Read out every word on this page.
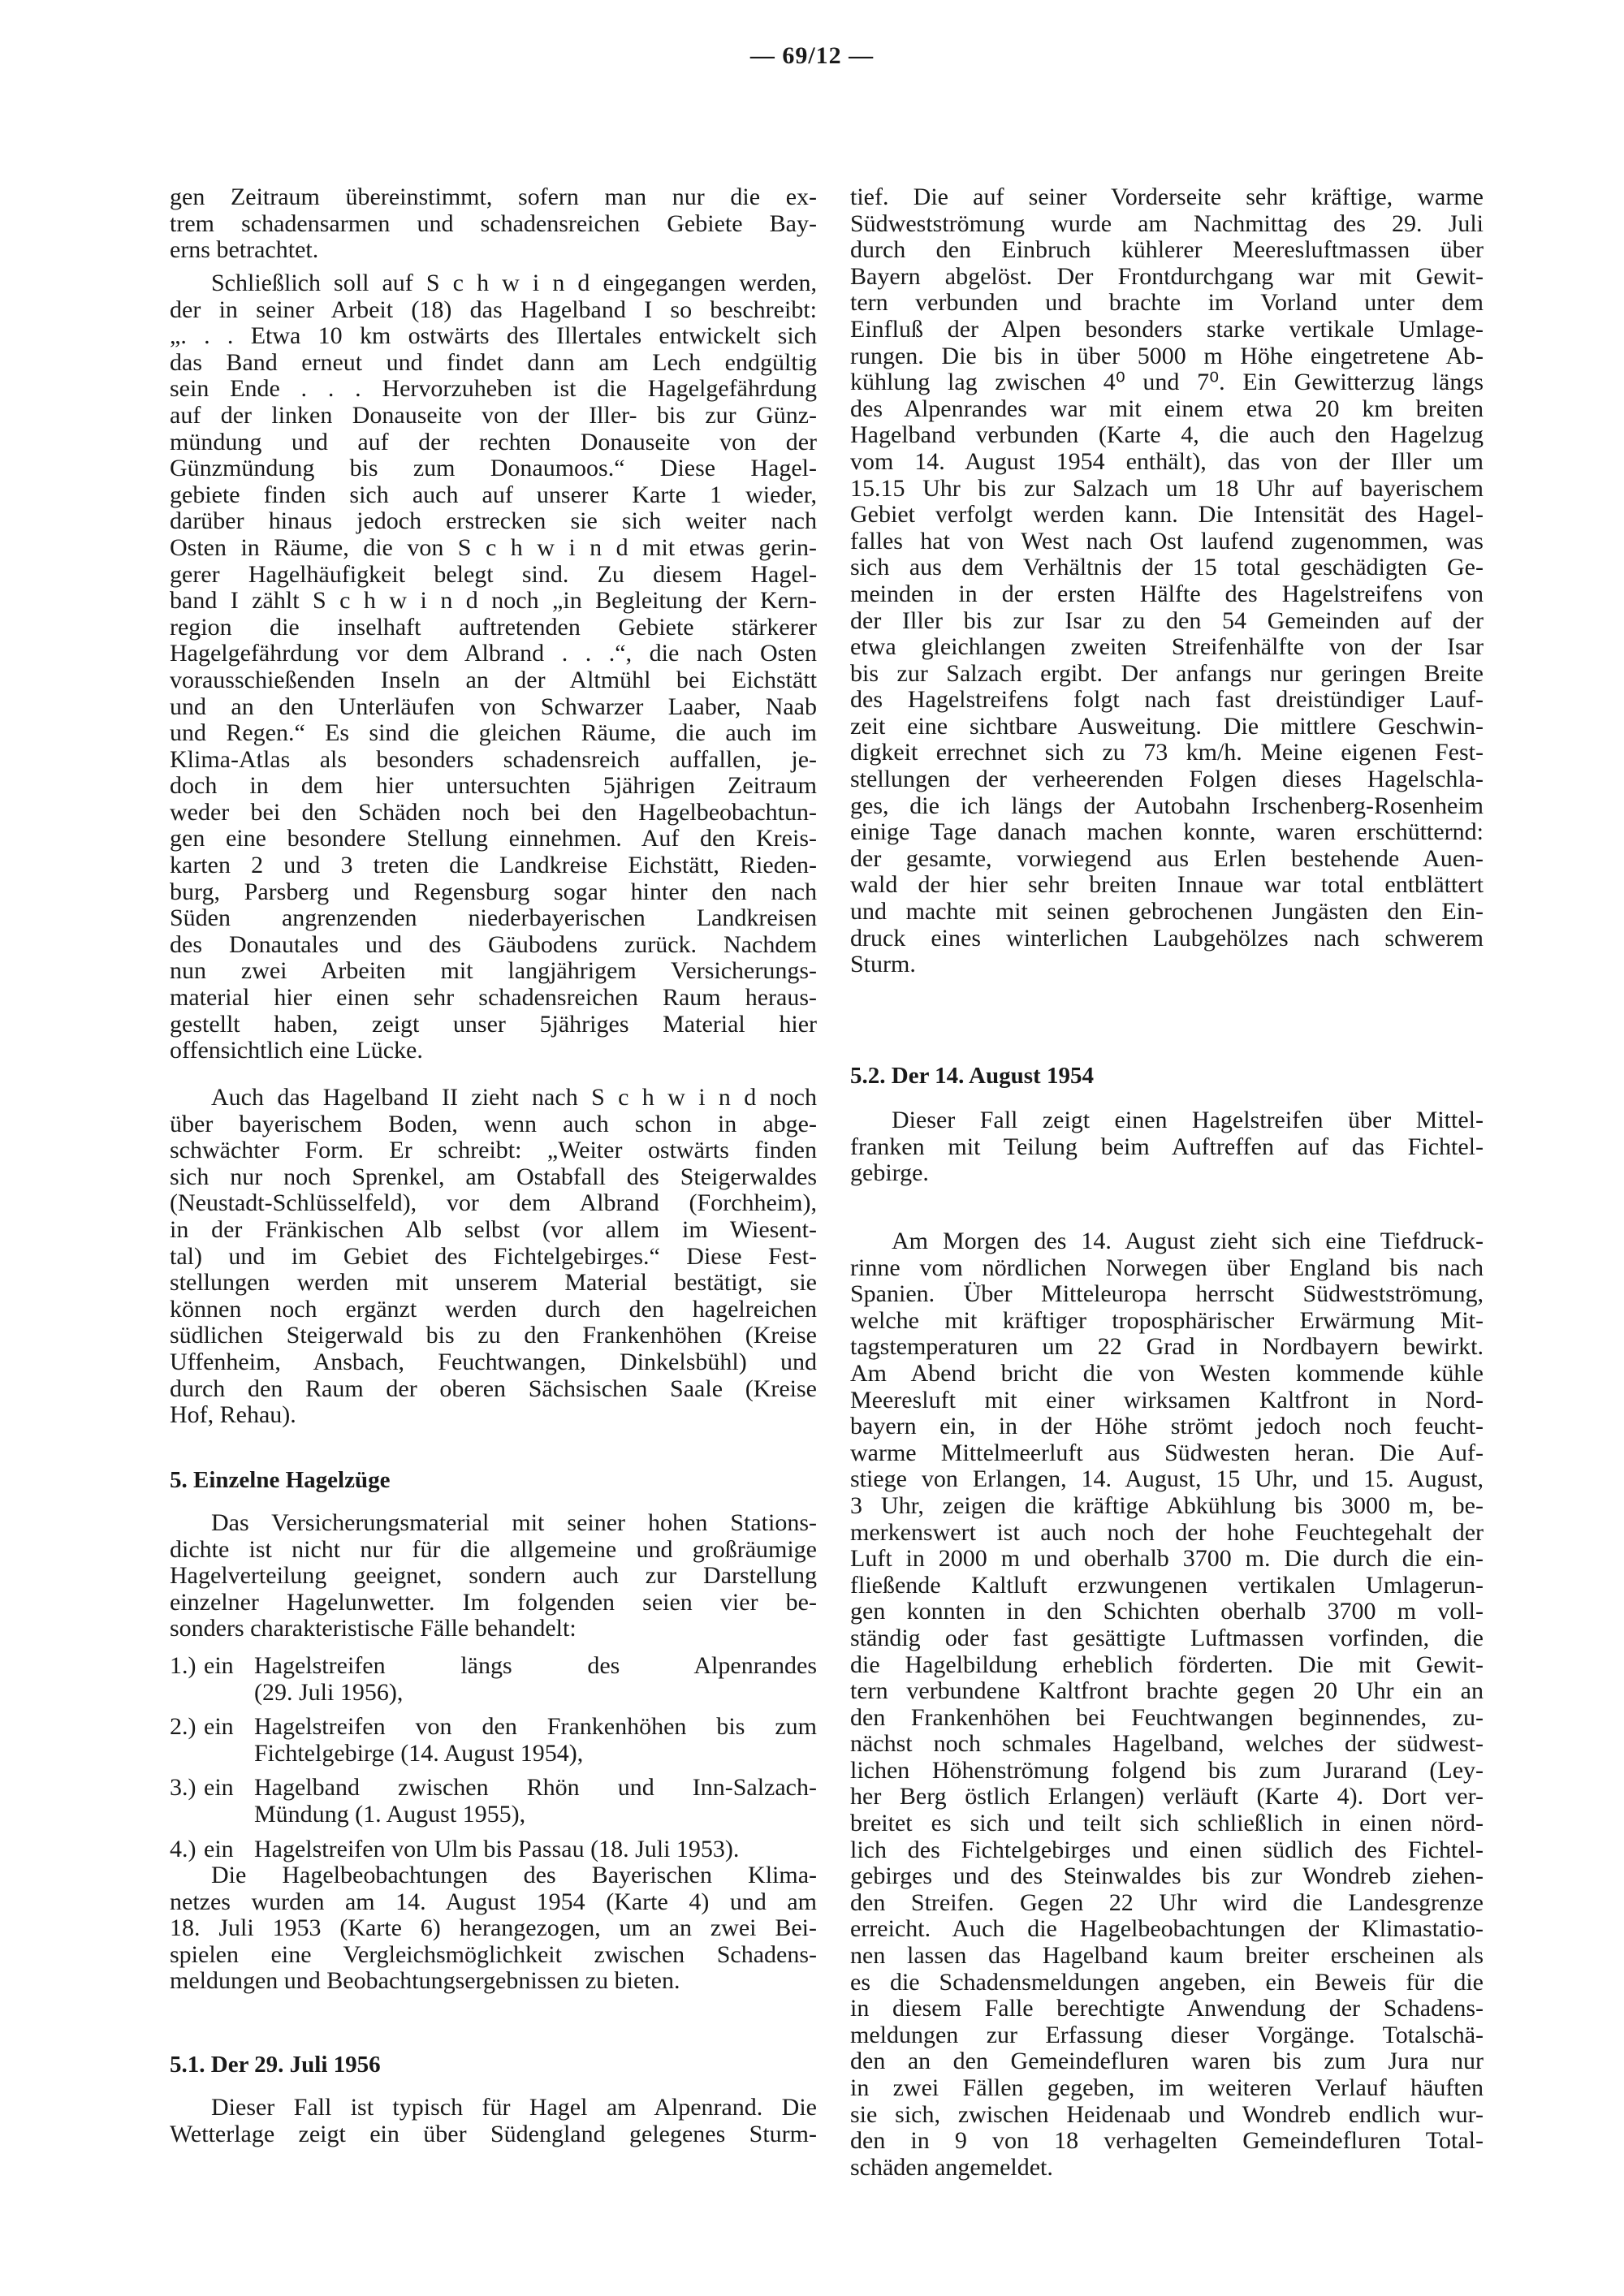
— 69/12 —
gen Zeitraum übereinstimmt, sofern man nur die ex-
trem schadensarmen und schadensreichen Gebiete Bay-
erns betrachtet.
Schließlich soll auf S c h w i n d eingegangen werden,
der in seiner Arbeit (18) das Hagelband I so beschreibt:
„. . . Etwa 10 km ostwärts des Illertales entwickelt sich
das Band erneut und findet dann am Lech endgültig
sein Ende . . . Hervorzuheben ist die Hagelgefährdung
auf der linken Donauseite von der Iller- bis zur Günz-
mündung und auf der rechten Donauseite von der
Günzmündung bis zum Donaumoos.“ Diese Hagel-
gebiete finden sich auch auf unserer Karte 1 wieder,
darüber hinaus jedoch erstrecken sie sich weiter nach
Osten in Räume, die von S c h w i n d mit etwas gerin-
gerer Hagelhäufigkeit belegt sind. Zu diesem Hagel-
band I zählt S c h w i n d noch „in Begleitung der Kern-
region die inselhaft auftretenden Gebiete stärkerer
Hagelgefährdung vor dem Albrand . . .“, die nach Osten
vorausschießenden Inseln an der Altmühl bei Eichstätt
und an den Unterläufen von Schwarzer Laaber, Naab
und Regen.“ Es sind die gleichen Räume, die auch im
Klima-Atlas als besonders schadensreich auffallen, je-
doch in dem hier untersuchten 5jährigen Zeitraum
weder bei den Schäden noch bei den Hagelbeobachtun-
gen eine besondere Stellung einnehmen. Auf den Kreis-
karten 2 und 3 treten die Landkreise Eichstätt, Rieden-
burg, Parsberg und Regensburg sogar hinter den nach
Süden angrenzenden niederbayerischen Landkreisen
des Donautales und des Gäubodens zurück. Nachdem
nun zwei Arbeiten mit langjährigem Versicherungs-
material hier einen sehr schadensreichen Raum heraus-
gestellt haben, zeigt unser 5jähriges Material hier
offensichtlich eine Lücke.
Auch das Hagelband II zieht nach S c h w i n d noch
über bayerischem Boden, wenn auch schon in abge-
schwächter Form. Er schreibt: „Weiter ostwärts finden
sich nur noch Sprenkel, am Ostabfall des Steigerwaldes
(Neustadt-Schlüsselfeld), vor dem Albrand (Forchheim),
in der Fränkischen Alb selbst (vor allem im Wiesent-
tal) und im Gebiet des Fichtelgebirges.“ Diese Fest-
stellungen werden mit unserem Material bestätigt, sie
können noch ergänzt werden durch den hagelreichen
südlichen Steigerwald bis zu den Frankenhöhen (Kreise
Uffenheim, Ansbach, Feuchtwangen, Dinkelsbühl) und
durch den Raum der oberen Sächsischen Saale (Kreise
Hof, Rehau).
5. Einzelne Hagelzüge
Das Versicherungsmaterial mit seiner hohen Stations-
dichte ist nicht nur für die allgemeine und großräumige
Hagelverteilung geeignet, sondern auch zur Darstellung
einzelner Hagelunwetter. Im folgenden seien vier be-
sonders charakteristische Fälle behandelt:
1.) ein Hagelstreifen längs des Alpenrandes
(29. Juli 1956),
2.) ein Hagelstreifen von den Frankenhöhen bis zum
Fichtelgebirge (14. August 1954),
3.) ein Hagelband zwischen Rhön und Inn-Salzach-
Mündung (1. August 1955),
4.) ein Hagelstreifen von Ulm bis Passau (18. Juli 1953).
Die Hagelbeobachtungen des Bayerischen Klima-
netzes wurden am 14. August 1954 (Karte 4) und am
18. Juli 1953 (Karte 6) herangezogen, um an zwei Bei-
spielen eine Vergleichsmöglichkeit zwischen Schadens-
meldungen und Beobachtungsergebnissen zu bieten.
5.1. Der 29. Juli 1956
Dieser Fall ist typisch für Hagel am Alpenrand. Die
Wetterlage zeigt ein über Südengland gelegenes Sturm-
tief. Die auf seiner Vorderseite sehr kräftige, warme
Südwestströmung wurde am Nachmittag des 29. Juli
durch den Einbruch kühlerer Meeresluftmassen über
Bayern abgelöst. Der Frontdurchgang war mit Gewit-
tern verbunden und brachte im Vorland unter dem
Einfluß der Alpen besonders starke vertikale Umlage-
rungen. Die bis in über 5000 m Höhe eingetretene Ab-
kühlung lag zwischen 4⁰ und 7⁰. Ein Gewitterzug längs
des Alpenrandes war mit einem etwa 20 km breiten
Hagelband verbunden (Karte 4, die auch den Hagelzug
vom 14. August 1954 enthält), das von der Iller um
15.15 Uhr bis zur Salzach um 18 Uhr auf bayerischem
Gebiet verfolgt werden kann. Die Intensität des Hagel-
falles hat von West nach Ost laufend zugenommen, was
sich aus dem Verhältnis der 15 total geschädigten Ge-
meinden in der ersten Hälfte des Hagelstreifens von
der Iller bis zur Isar zu den 54 Gemeinden auf der
etwa gleichlangen zweiten Streifenhälfte von der Isar
bis zur Salzach ergibt. Der anfangs nur geringen Breite
des Hagelstreifens folgt nach fast dreistündiger Lauf-
zeit eine sichtbare Ausweitung. Die mittlere Geschwin-
digkeit errechnet sich zu 73 km/h. Meine eigenen Fest-
stellungen der verheerenden Folgen dieses Hagelschla-
ges, die ich längs der Autobahn Irschenberg-Rosenheim
einige Tage danach machen konnte, waren erschütternd:
der gesamte, vorwiegend aus Erlen bestehende Auen-
wald der hier sehr breiten Innaue war total entblättert
und machte mit seinen gebrochenen Jungästen den Ein-
druck eines winterlichen Laubgehölzes nach schwerem
Sturm.
5.2. Der 14. August 1954
Dieser Fall zeigt einen Hagelstreifen über Mittel-
franken mit Teilung beim Auftreffen auf das Fichtel-
gebirge.
Am Morgen des 14. August zieht sich eine Tiefdruck-
rinne vom nördlichen Norwegen über England bis nach
Spanien. Über Mitteleuropa herrscht Südwestströmung,
welche mit kräftiger troposphärischer Erwärmung Mit-
tagstemperaturen um 22 Grad in Nordbayern bewirkt.
Am Abend bricht die von Westen kommende kühle
Meeresluft mit einer wirksamen Kaltfront in Nord-
bayern ein, in der Höhe strömt jedoch noch feucht-
warme Mittelmeerluft aus Südwesten heran. Die Auf-
stiege von Erlangen, 14. August, 15 Uhr, und 15. August,
3 Uhr, zeigen die kräftige Abkühlung bis 3000 m, be-
merkenswert ist auch noch der hohe Feuchtegehalt der
Luft in 2000 m und oberhalb 3700 m. Die durch die ein-
fließende Kaltluft erzwungenen vertikalen Umlagerun-
gen konnten in den Schichten oberhalb 3700 m voll-
ständig oder fast gesättigte Luftmassen vorfinden, die
die Hagelbildung erheblich förderten. Die mit Gewit-
tern verbundene Kaltfront brachte gegen 20 Uhr ein an
den Frankenhöhen bei Feuchtwangen beginnendes, zu-
nächst noch schmales Hagelband, welches der südwest-
lichen Höhenströmung folgend bis zum Jurarand (Ley-
her Berg östlich Erlangen) verläuft (Karte 4). Dort ver-
breitet es sich und teilt sich schließlich in einen nörd-
lich des Fichtelgebirges und einen südlich des Fichtel-
gebirges und des Steinwaldes bis zur Wondreb ziehen-
den Streifen. Gegen 22 Uhr wird die Landesgrenze
erreicht. Auch die Hagelbeobachtungen der Klimastatio-
nen lassen das Hagelband kaum breiter erscheinen als
es die Schadensmeldungen angeben, ein Beweis für die
in diesem Falle berechtigte Anwendung der Schadens-
meldungen zur Erfassung dieser Vorgänge. Totalschä-
den an den Gemeindefluren waren bis zum Jura nur
in zwei Fällen gegeben, im weiteren Verlauf häuften
sie sich, zwischen Heidenaab und Wondreb endlich wur-
den in 9 von 18 verhagelten Gemeindefluren Total-
schäden angemeldet.
